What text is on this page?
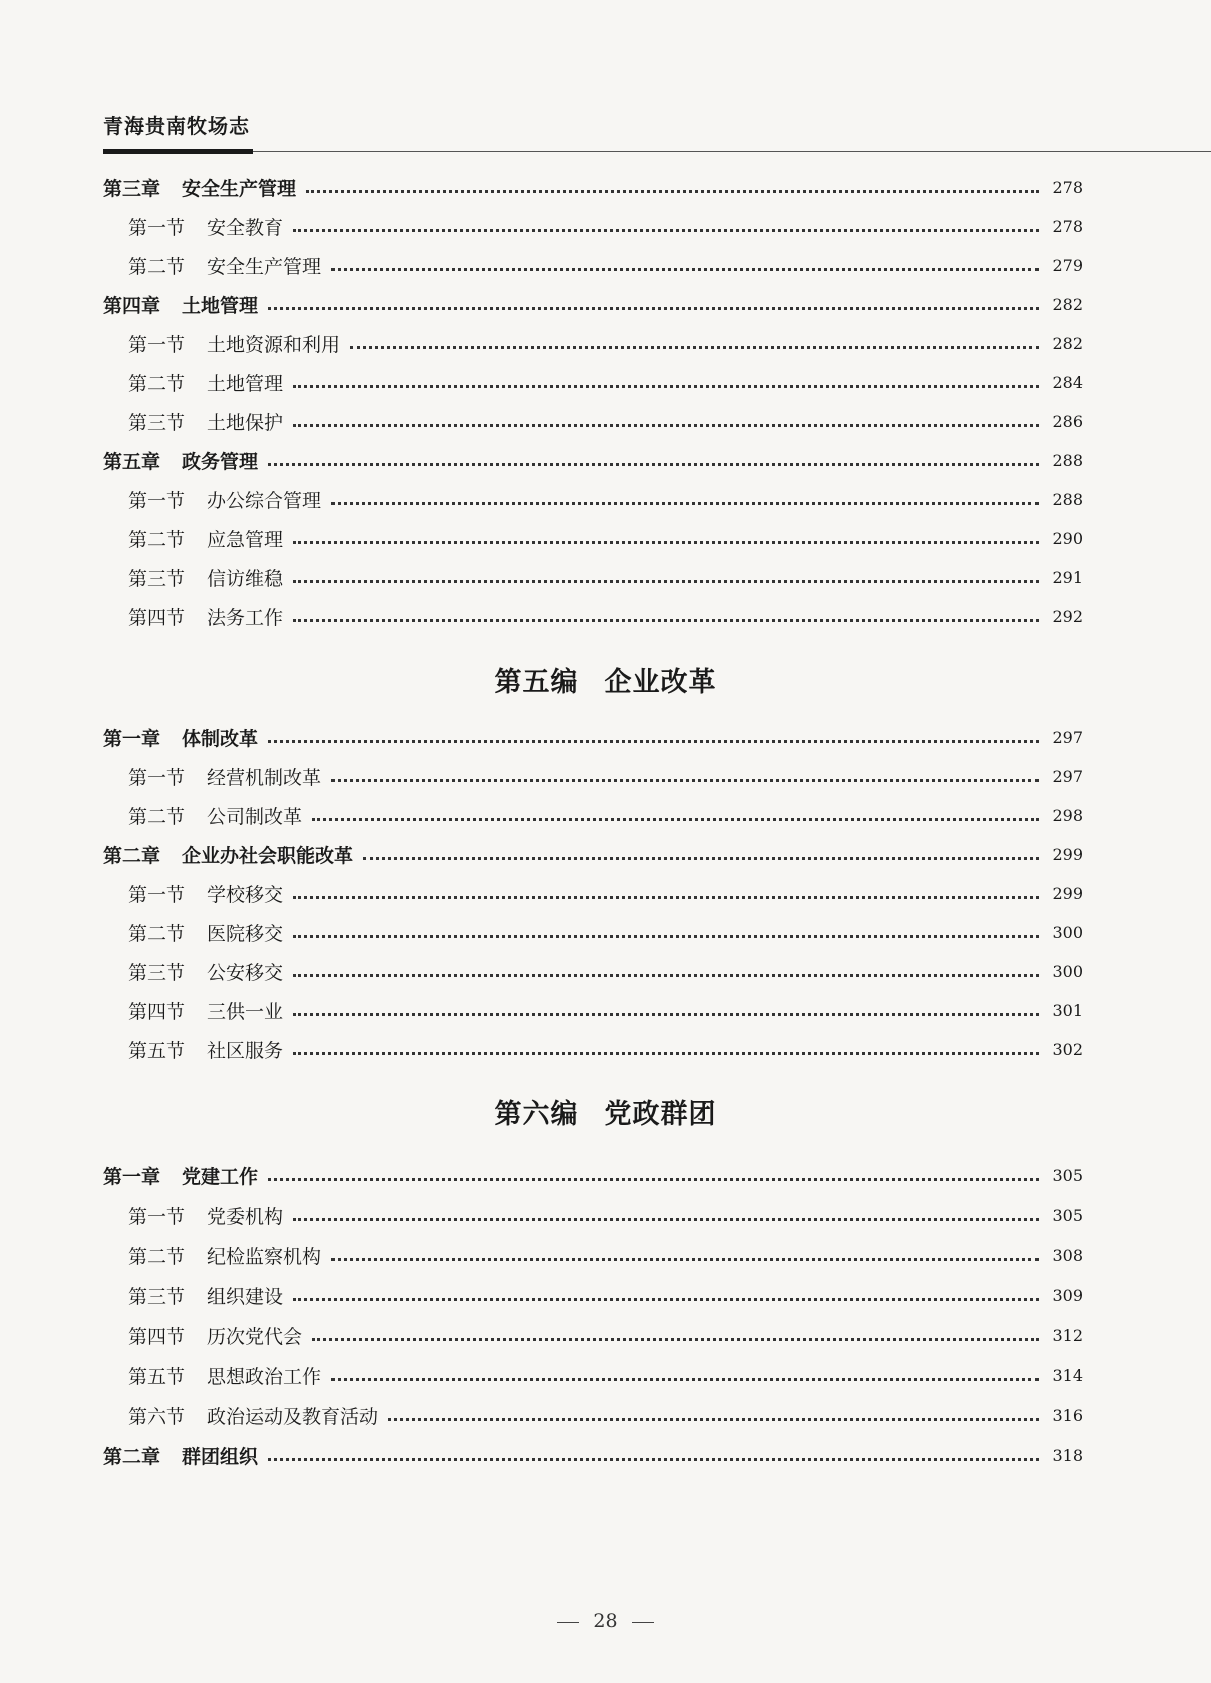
青海贵南牧场志
第三章 安全生产管理	278
第一节 安全教育	278
第二节 安全生产管理	279
第四章 土地管理	282
第一节 土地资源和利用	282
第二节 土地管理	284
第三节 土地保护	286
第五章 政务管理	288
第一节 办公综合管理	288
第二节 应急管理	290
第三节 信访维稳	291
第四节 法务工作	292
第五编 企业改革
第一章 体制改革	297
第一节 经营机制改革	297
第二节 公司制改革	298
第二章 企业办社会职能改革	299
第一节 学校移交	299
第二节 医院移交	300
第三节 公安移交	300
第四节 三供一业	301
第五节 社区服务	302
第六编 党政群团
第一章 党建工作	305
第一节 党委机构	305
第二节 纪检监察机构	308
第三节 组织建设	309
第四节 历次党代会	312
第五节 思想政治工作	314
第六节 政治运动及教育活动	316
第二章 群团组织	318
28
